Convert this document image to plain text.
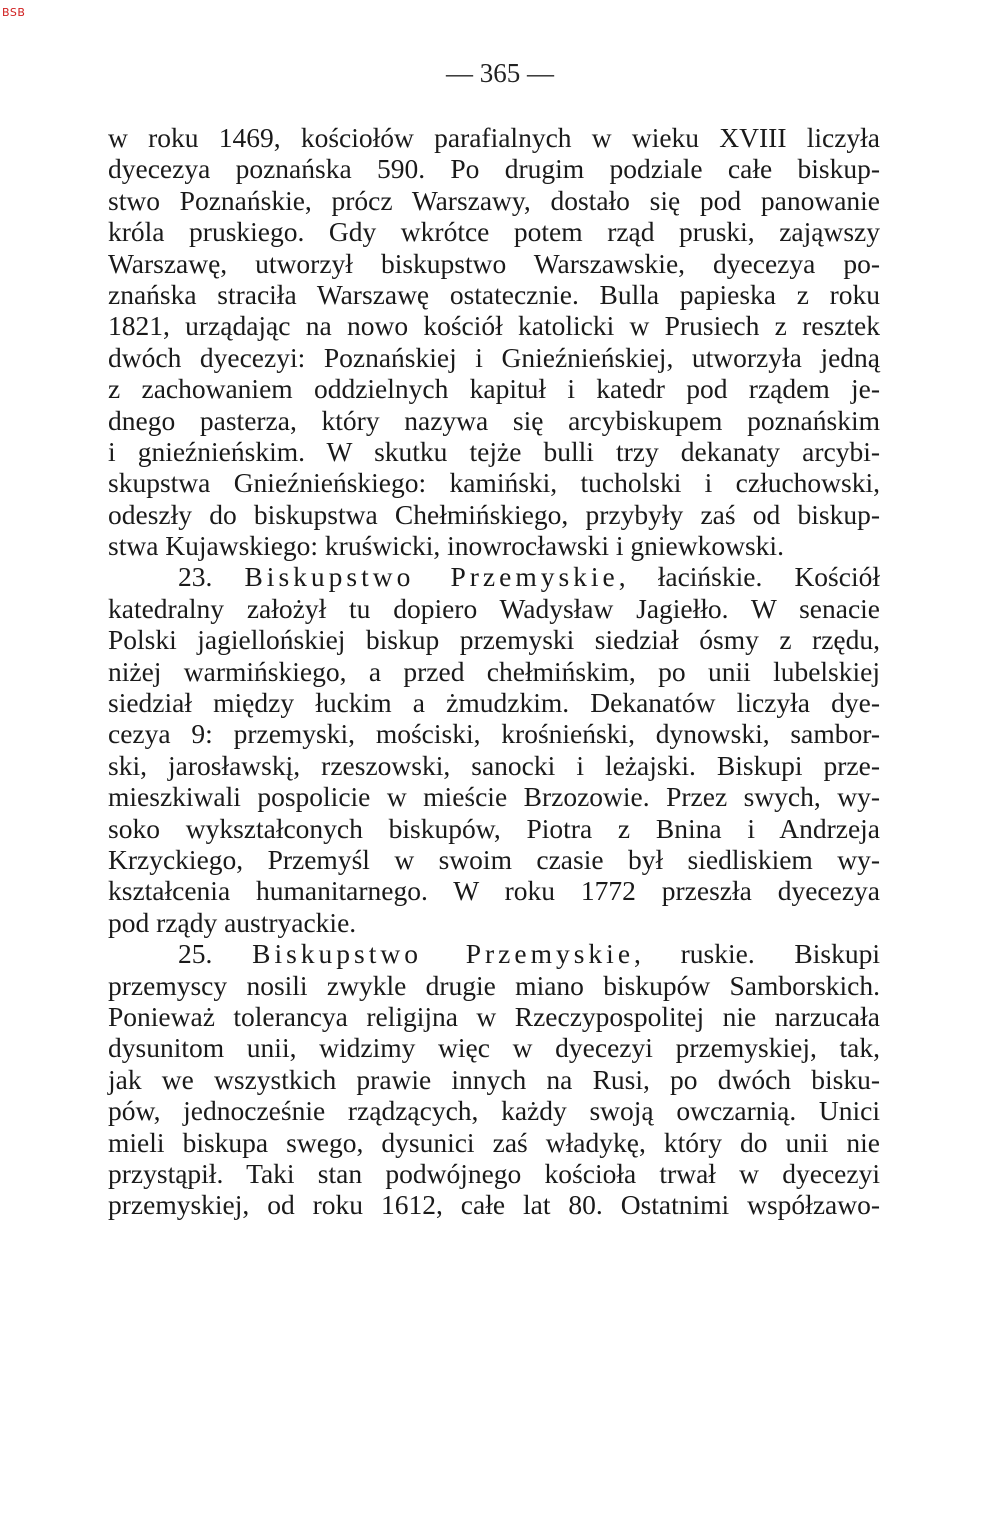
BSB
— 365 —
w roku 1469, kościołów parafialnych w wieku XVIII liczyła
dyecezya poznańska 590. Po drugim podziale całe biskup-
stwo Poznańskie, prócz Warszawy, dostało się pod panowanie
króla pruskiego. Gdy wkrótce potem rząd pruski, zająwszy
Warszawę, utworzył biskupstwo Warszawskie, dyecezya po-
znańska straciła Warszawę ostatecznie. Bulla papieska z roku
1821, urządając na nowo kościół katolicki w Prusiech z resztek
dwóch dyecezyi: Poznańskiej i Gnieźnieńskiej, utworzyła jedną
z zachowaniem oddzielnych kapituł i katedr pod rządem je-
dnego pasterza, który nazywa się arcybiskupem poznańskim
i gnieźnieńskim. W skutku tejże bulli trzy dekanaty arcybi-
skupstwa Gnieźnieńskiego: kamiński, tucholski i człuchowski,
odeszły do biskupstwa Chełmińskiego, przybyły zaś od biskup-
stwa Kujawskiego: kruświcki, inowrocławski i gniewkowski.
23. Biskupstwo Przemyskie, łacińskie. Kościół
katedralny założył tu dopiero Wadysław Jagiełło. W senacie
Polski jagiellońskiej biskup przemyski siedział ósmy z rzędu,
niżej warmińskiego, a przed chełmińskim, po unii lubelskiej
siedział między łuckim a żmudzkim. Dekanatów liczyła dye-
cezya 9: przemyski, mościski, krośnieński, dynowski, sambor-
ski, jarosławskį, rzeszowski, sanocki i leżajski. Biskupi prze-
mieszkiwali pospolicie w mieście Brzozowie. Przez swych, wy-
soko wykształconych biskupów, Piotra z Bnina i Andrzeja
Krzyckiego, Przemyśl w swoim czasie był siedliskiem wy-
kształcenia humanitarnego. W roku 1772 przeszła dyecezya
pod rządy austryackie.
25. Biskupstwo Przemyskie, ruskie. Biskupi
przemyscy nosili zwykle drugie miano biskupów Samborskich.
Ponieważ tolerancya religijna w Rzeczypospolitej nie narzucała
dysunitom unii, widzimy więc w dyecezyi przemyskiej, tak,
jak we wszystkich prawie innych na Rusi, po dwóch bisku-
pów, jednocześnie rządzących, każdy swoją owczarnią. Unici
mieli biskupa swego, dysunici zaś władykę, który do unii nie
przystąpił. Taki stan podwójnego kościoła trwał w dyecezyi
przemyskiej, od roku 1612, całe lat 80. Ostatnimi współzawo-
